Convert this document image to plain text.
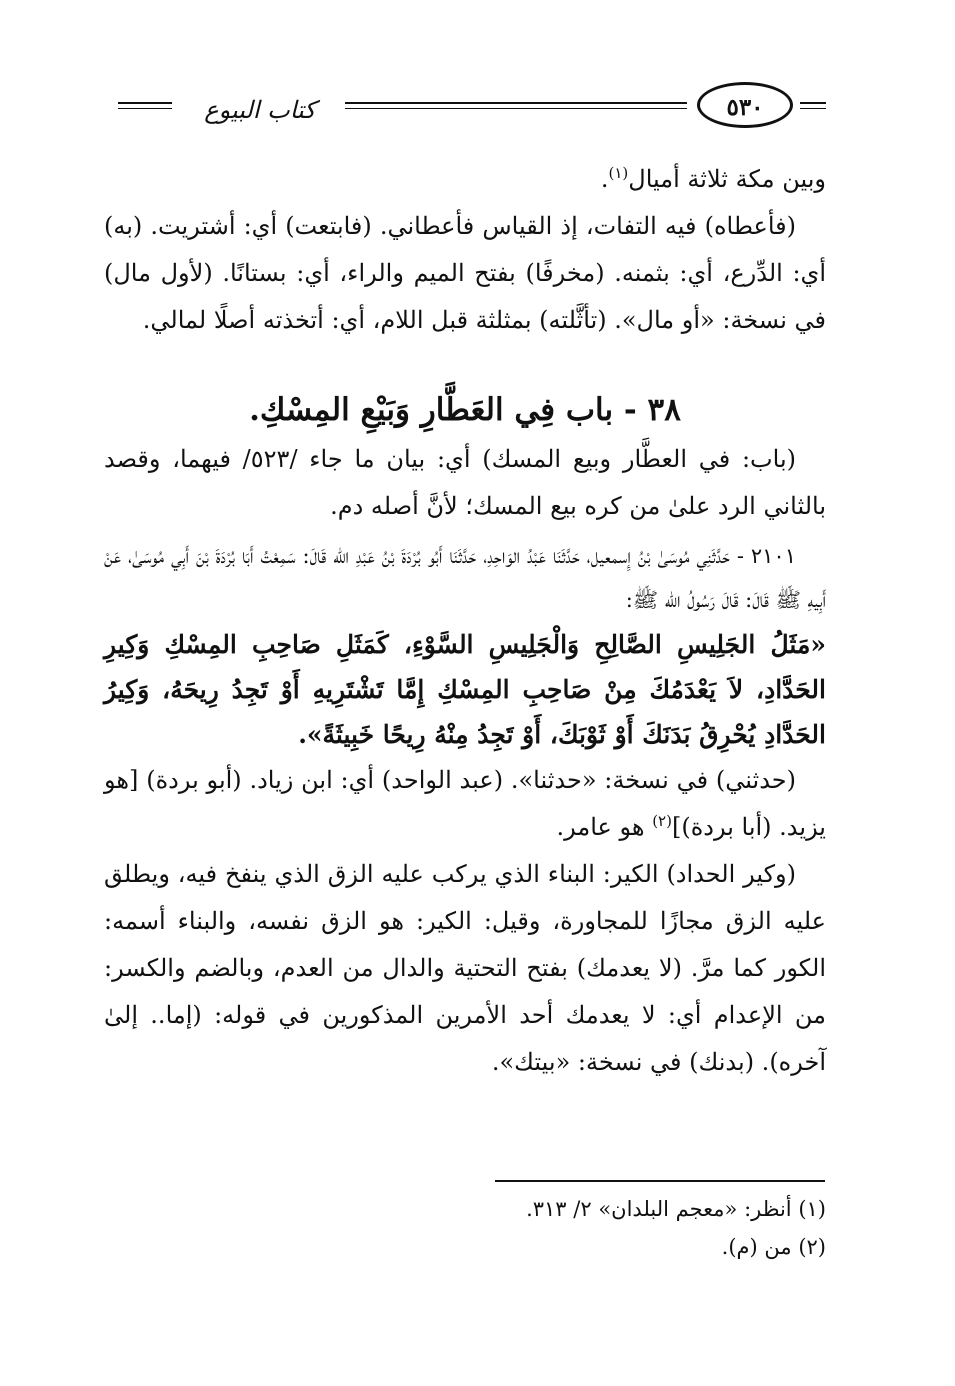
كتاب البيوع	٥٣٠

وبين مكة ثلاثة أميال$^{(١)}$.

(فأعطاه) فيه التفات، إذ القياس فأعطاني. (فابتعت) أي: أشتريت. (به) أي: الدِّرع، أي: بثمنه. (مخرفًا) بفتح الميم والراء، أي: بستانًا. (لأول مال) في نسخة: «أو مال». (تأثَّلته) بمثلثة قبل اللام، أي: أتخذته أصلًا لمالي.

٣٨ - باب فِي العَطَّارِ وَبَيْعِ المِسْكِ.

(باب: في العطَّار وبيع المسك) أي: بيان ما جاء /٥٢٣/ فيهما، وقصد بالثاني الرد علىٰ من كره بيع المسك؛ لأنَّ أصله دم.

٢١٠١ - حَدَّثَنِي مُوسَىٰ بْنُ إِسمعيل، حَدَّثَنَا عَبْدُ الوَاحِدِ، حَدَّثَنَا أَبُو بُرْدَةَ بْنُ عَبْدِ الله قَالَ: سَمِعْتُ أَبَا بُرْدَةَ بْنَ أَبِي مُوسَىٰ، عَنْ أَبِيهِ ﷺ قَالَ: قَالَ رَسُولُ الله ﷺ:

«مَثَلُ الجَلِيسِ الصَّالِحِ وَالْجَلِيسِ السَّوْءِ، كَمَثَلِ صَاحِبِ المِسْكِ وَكِيرِ الحَدَّادِ، لاَ يَعْدَمُكَ مِنْ صَاحِبِ المِسْكِ إِمَّا تَشْتَرِيهِ أَوْ تَجِدُ رِيحَهُ، وَكِيرُ الحَدَّادِ يُحْرِقُ بَدَنَكَ أَوْ ثَوْبَكَ، أَوْ تَجِدُ مِنْهُ رِيحًا خَبِيثَةً».

(حدثني) في نسخة: «حدثنا». (عبد الواحد) أي: ابن زياد. (أبو بردة) [هو يزيد. (أبا بردة)]$^{(٢)}$ هو عامر.

(وكير الحداد) الكير: البناء الذي يركب عليه الزق الذي ينفخ فيه، ويطلق عليه الزق مجازًا للمجاورة، وقيل: الكير: هو الزق نفسه، والبناء أسمه: الكور كما مرَّ. (لا يعدمك) بفتح التحتية والدال من العدم، وبالضم والكسر: من الإعدام أي: لا يعدمك أحد الأمرين المذكورين في قوله: (إما.. إلىٰ آخره). (بدنك) في نسخة: «بيتك».

(١) أنظر: «معجم البلدان» ٢/ ٣١٣.

(٢) من (م).
